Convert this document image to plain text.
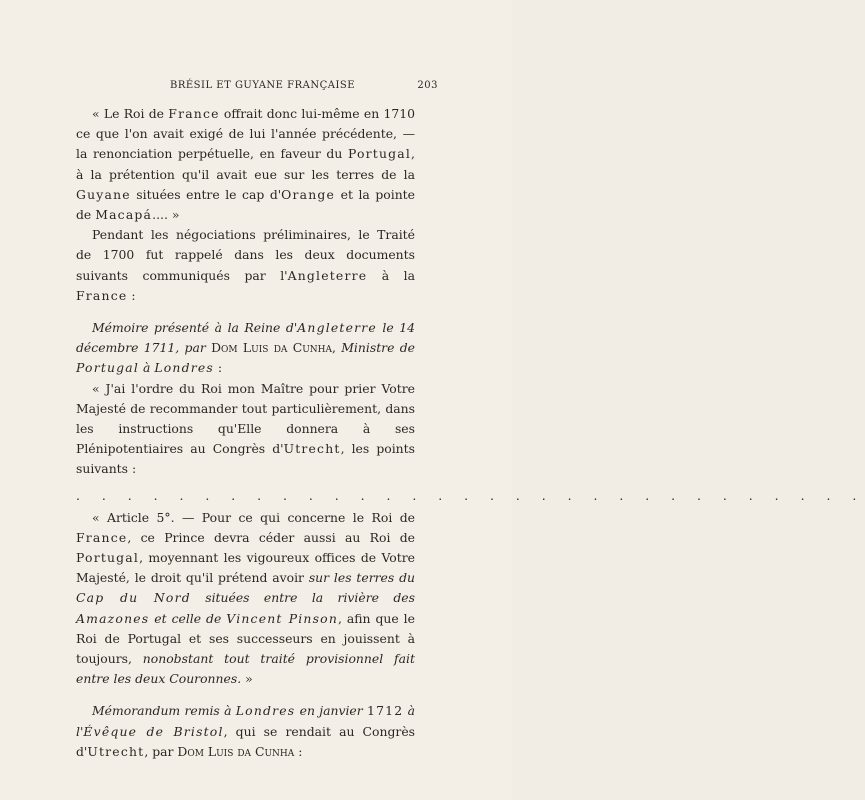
BRÉSIL ET GUYANE FRANÇAISE	203

« Le Roi de France offrait donc lui-même en 1710 ce que l'on avait exigé de lui l'année précédente, — la renonciation perpétuelle, en faveur du Portugal, à la prétention qu'il avait eue sur les terres de la Guyane situées entre le cap d'Orange et la pointe de Macapá.... »

Pendant les négociations préliminaires, le Traité de 1700 fut rappelé dans les deux documents suivants communiqués par l'Angleterre à la France :

Mémoire présenté à la Reine d'Angleterre le 14 décembre 1711, par Dom Luis da Cunha, Ministre de Portugal à Londres :

« J'ai l'ordre du Roi mon Maître pour prier Votre Majesté de recommander tout particulièrement, dans les instructions qu'Elle donnera à ses Plénipotentiaires au Congrès d'Utrecht, les points suivants :

. . . . . . . . . . . . . . . . . . . . . . . . . . . . . . .

« Article 5°. — Pour ce qui concerne le Roi de France, ce Prince devra céder aussi au Roi de Portugal, moyennant les vigoureux offices de Votre Majesté, le droit qu'il prétend avoir sur les terres du Cap du Nord situées entre la rivière des Amazones et celle de Vincent Pinson, afin que le Roi de Portugal et ses successeurs en jouissent à toujours, nonobstant tout traité provisionnel fait entre les deux Couronnes. »

Mémorandum remis à Londres en janvier 1712 à l'Évêque de Bristol, qui se rendait au Congrès d'Utrecht, par Dom Luis da Cunha :
